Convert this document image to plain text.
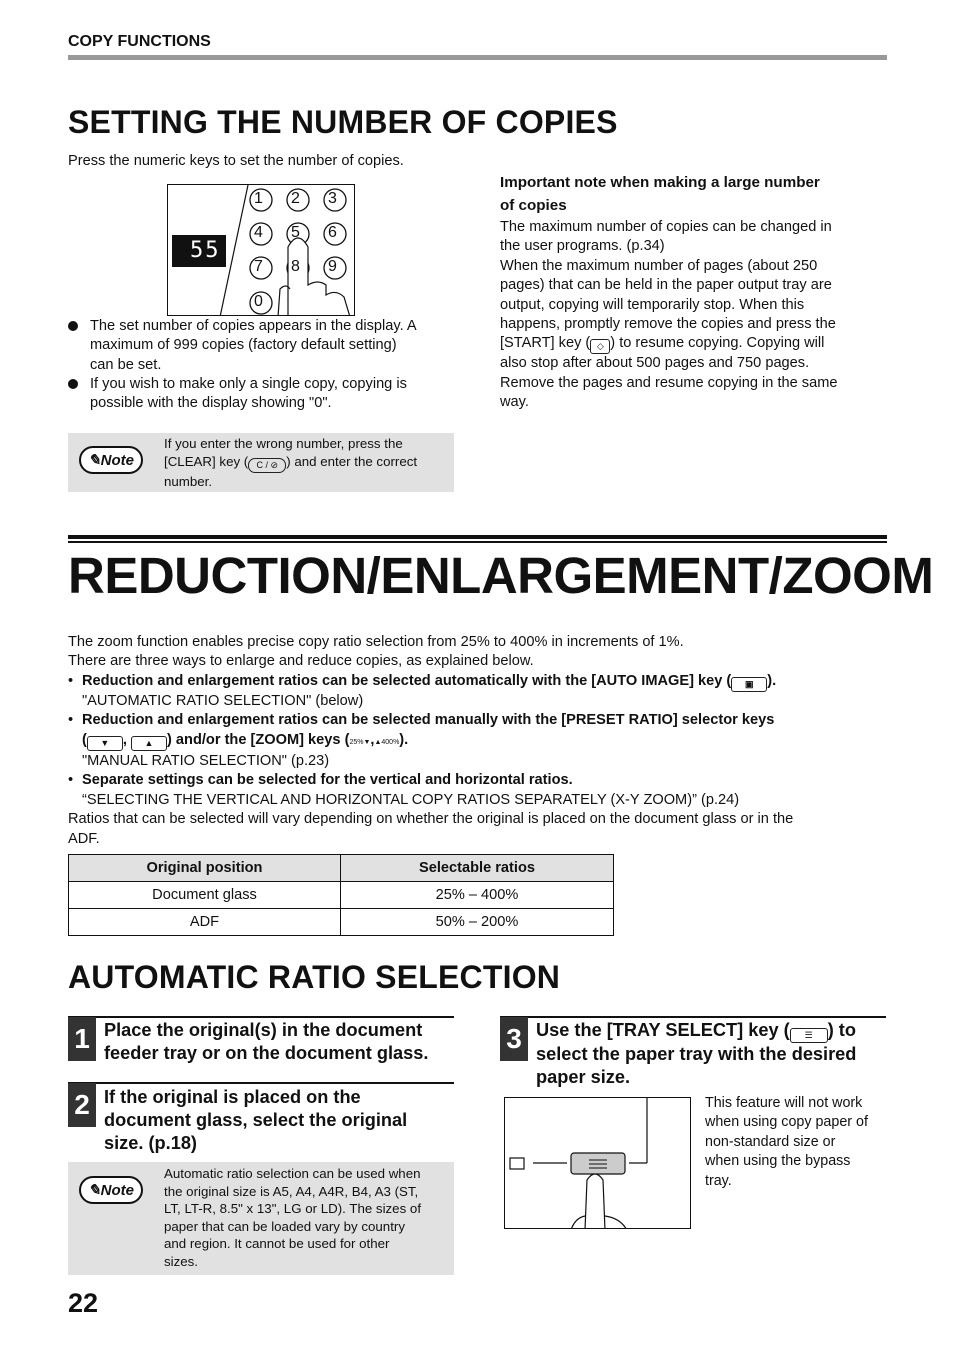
COPY FUNCTIONS
SETTING THE NUMBER OF COPIES
Press the numeric keys to set the number of copies.
55
1 2 3
4 5 6
7 8 9
0
The set number of copies appears in the display. A
maximum of 999 copies (factory default setting)
can be set.
If you wish to make only a single copy, copying is
possible with the display showing "0".
✎ Note
If you enter the wrong number, press the
[CLEAR] key ( C / ⊘ ) and enter the correct
number.
Important note when making a large number
of copies
The maximum number of copies can be changed in
the user programs. (p.34)
When the maximum number of pages (about 250
pages) that can be held in the paper output tray are
output, copying will temporarily stop. When this
happens, promptly remove the copies and press the
[START] key ( ◇ ) to resume copying. Copying will
also stop after about 500 pages and 750 pages.
Remove the pages and resume copying in the same
way.
REDUCTION/ENLARGEMENT/ZOOM
The zoom function enables precise copy ratio selection from 25% to 400% in increments of 1%.
There are three ways to enlarge and reduce copies, as explained below.
• Reduction and enlargement ratios can be selected automatically with the [AUTO IMAGE] key ( ▣ ).
"AUTOMATIC RATIO SELECTION" (below)
• Reduction and enlargement ratios can be selected manually with the [PRESET RATIO] selector keys
( ▼ , ▲ ) and/or the [ZOOM] keys (25%▼,▲400%).
"MANUAL RATIO SELECTION" (p.23)
• Separate settings can be selected for the vertical and horizontal ratios.
“SELECTING THE VERTICAL AND HORIZONTAL COPY RATIOS SEPARATELY (X-Y ZOOM)” (p.24)
Ratios that can be selected will vary depending on whether the original is placed on the document glass or in the
ADF.
Original position	Selectable ratios
Document glass	25% – 400%
ADF	50% – 200%
AUTOMATIC RATIO SELECTION
1 Place the original(s) in the document
feeder tray or on the document glass.
2 If the original is placed on the
document glass, select the original
size. (p.18)
✎ Note
Automatic ratio selection can be used when
the original size is A5, A4, A4R, B4, A3 (ST,
LT, LT-R, 8.5" x 13", LG or LD). The sizes of
paper that can be loaded vary by country
and region. It cannot be used for other
sizes.
3 Use the [TRAY SELECT] key ( ☰ ) to
select the paper tray with the desired
paper size.
This feature will not work
when using copy paper of
non-standard size or
when using the bypass
tray.
22
